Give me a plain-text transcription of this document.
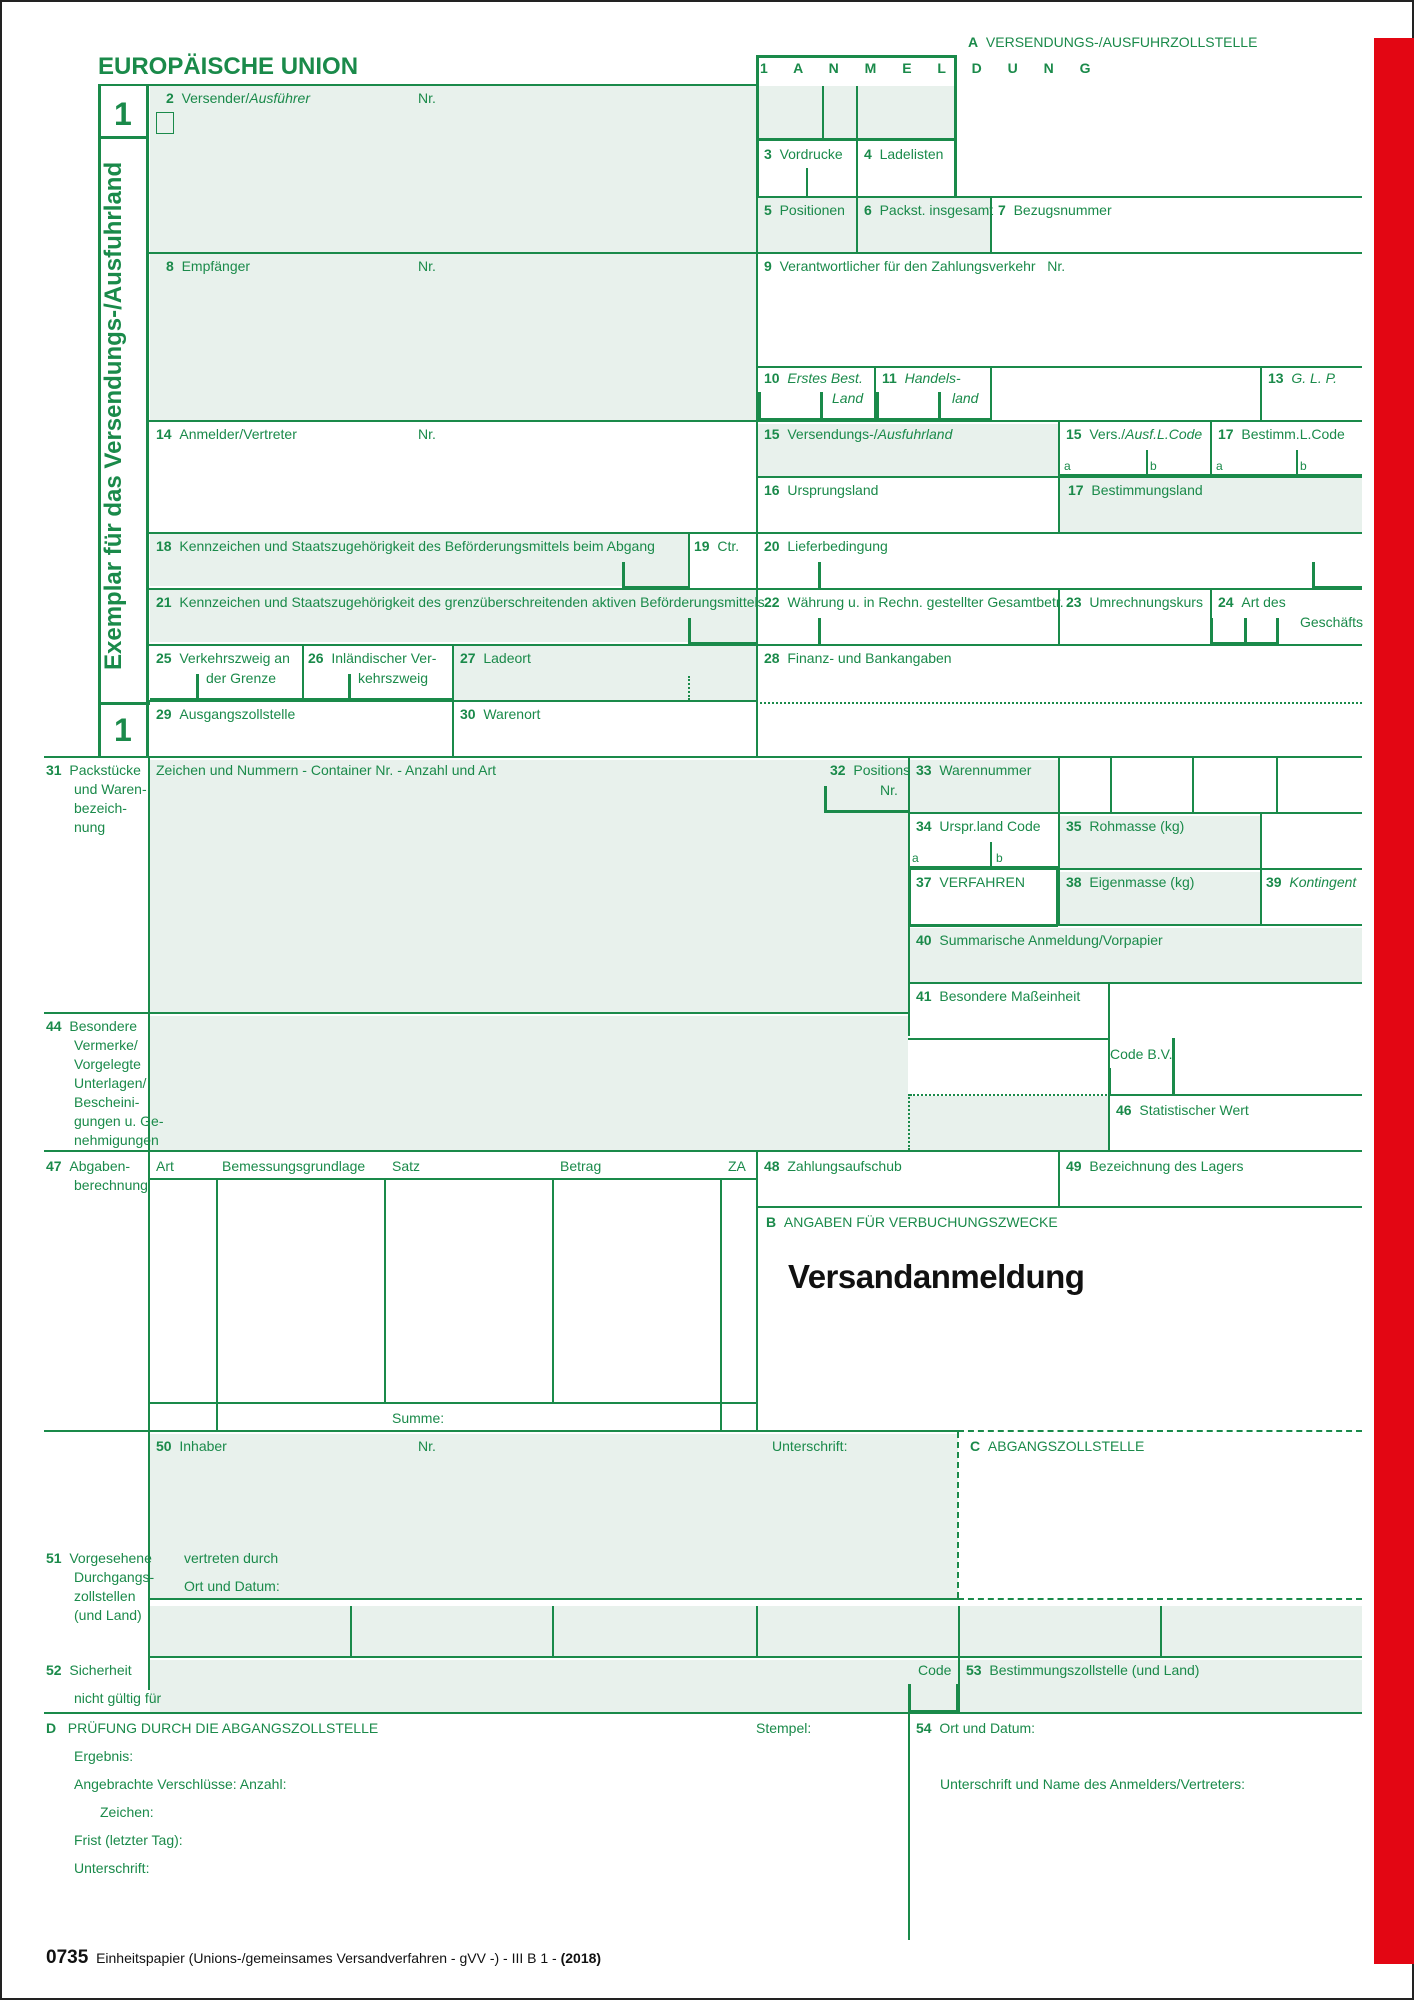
EUROPÄISCHE UNION
A VERSENDUNGS-/AUSFUHRZOLLSTELLE
1 A N M E L D U N G
1
1
Exemplar für das Versendungs-/Ausfuhrland
2 Versender/Ausführer	Nr.
3 Vordrucke 4 Ladelisten
5 Positionen 6 Packst. insgesamt 7 Bezugsnummer
8 Empfänger	Nr.	9 Verantwortlicher für den Zahlungsverkehr Nr.
10 Erstes Best.
Land
11 Handels-
land
13 G. L. P.
14 Anmelder/Vertreter	Nr.	15 Versendungs-/Ausfuhrland	15 Vers./Ausf.L.Code 17 Bestimm.L.Code
a	b	a	b
16 Ursprungsland	17 Bestimmungsland
18 Kennzeichen und Staatszugehörigkeit des Beförderungsmittels beim Abgang	19 Ctr. 20 Lieferbedingung
21 Kennzeichen und Staatszugehörigkeit des grenzüberschreitenden aktiven Beförderungsmittels 22 Währung u. in Rechn. gestellter Gesamtbetr. 23 Umrechnungskurs 24 Art des
Geschäfts
25 Verkehrszweig an
der Grenze
26 Inländischer Ver-
kehrszweig
27 Ladeort	28 Finanz- und Bankangaben
29 Ausgangszollstelle	30 Warenort
31 Packstücke
und Waren-
bezeich-
nung
Zeichen und Nummern - Container Nr. - Anzahl und Art	32 Positions
Nr.
33 Warennummer
34 Urspr.land Code
a	b
35 Rohmasse (kg)
37 VERFAHREN	38 Eigenmasse (kg)	39 Kontingent
40 Summarische Anmeldung/Vorpapier
41 Besondere Maßeinheit
44 Besondere
Vermerke/
Vorgelegte
Unterlagen/
Bescheini-
gungen u. Ge-
nehmigungen
Code B.V.
46 Statistischer Wert
47 Abgaben-
berechnung
Art	Bemessungsgrundlage Satz	Betrag	ZA
Summe:
48 Zahlungsaufschub	49 Bezeichnung des Lagers
B ANGABEN FÜR VERBUCHUNGSZWECKE
Versandanmeldung
50 Inhaber	Nr.	Unterschrift:
vertreten durch
Ort und Datum:
C ABGANGSZOLLSTELLE
51 Vorgesehene
Durchgangs-
zollstellen
(und Land)
52 Sicherheit
nicht gültig für
Code 53 Bestimmungszollstelle (und Land)
D PRÜFUNG DURCH DIE ABGANGSZOLLSTELLE	Stempel:
Ergebnis:
Angebrachte Verschlüsse: Anzahl:
Zeichen:
Frist (letzter Tag):
Unterschrift:
54 Ort und Datum:
Unterschrift und Name des Anmelders/Vertreters:
0735 Einheitspapier (Unions-/gemeinsames Versandverfahren - gVV -) - III B 1 - (2018)
